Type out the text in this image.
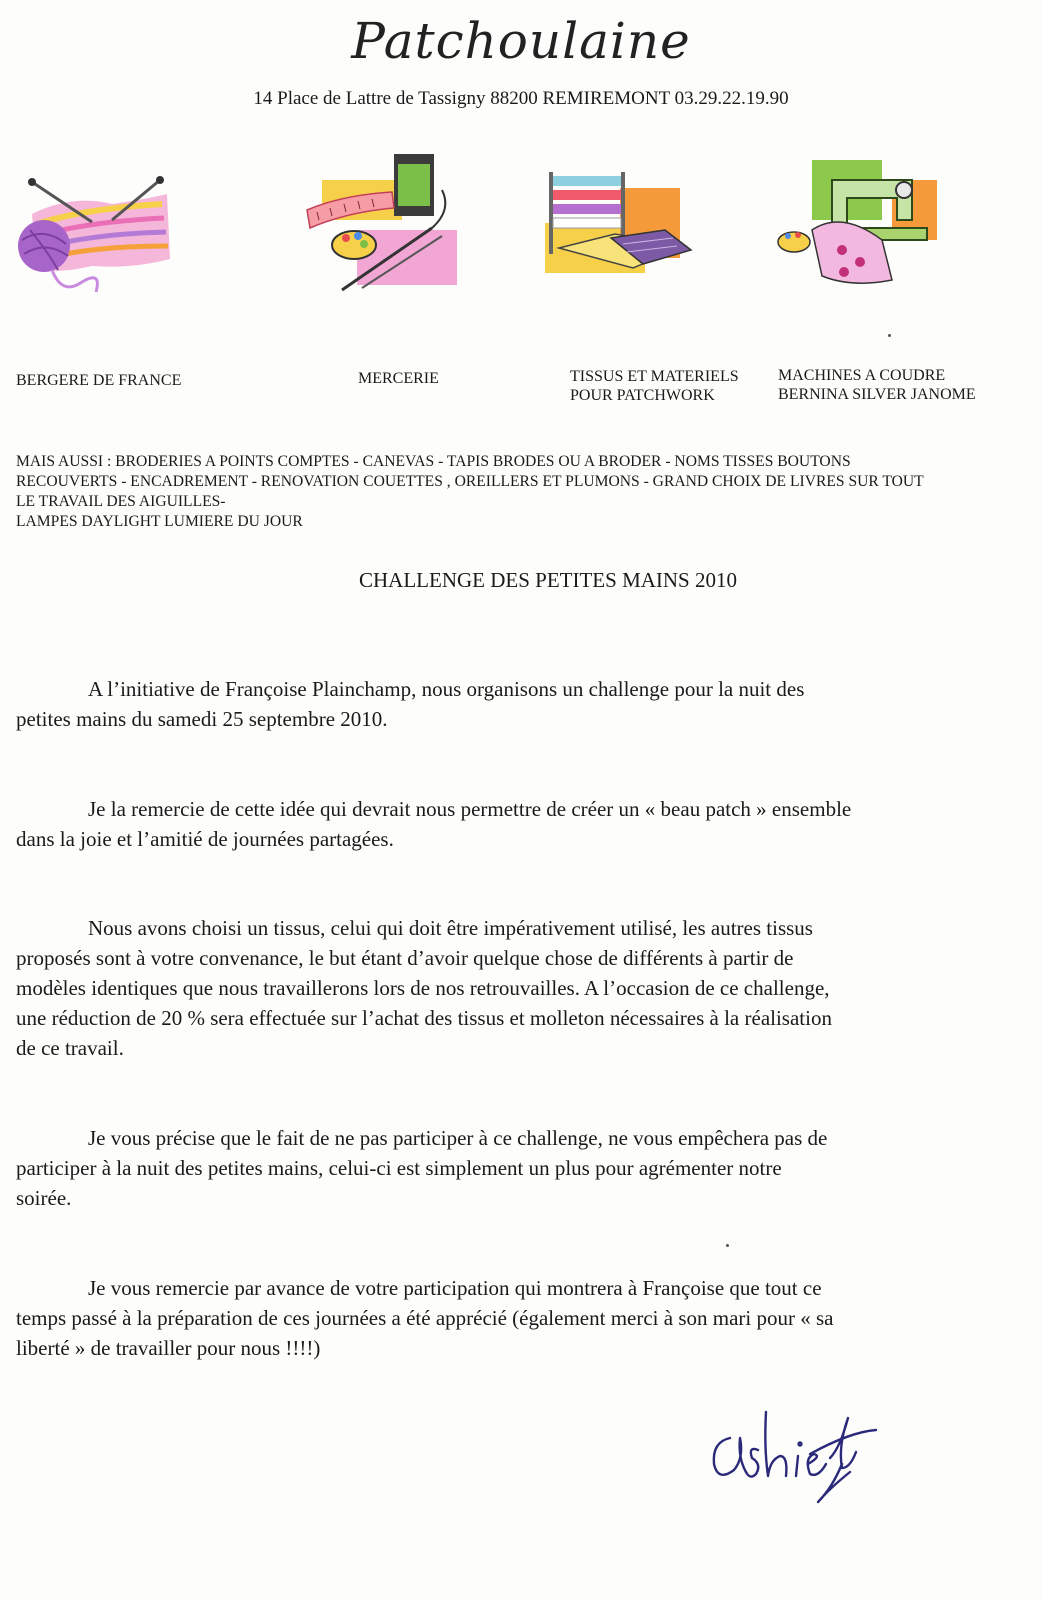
Patchoulaine
14 Place de Lattre de Tassigny 88200 REMIREMONT 03.29.22.19.90
BERGERE DE FRANCE	MERCERIE	TISSUS ET MATERIELS
POUR PATCHWORK
MACHINES A COUDRE
BERNINA SILVER JANOME
MAIS AUSSI : BRODERIES A POINTS COMPTES - CANEVAS - TAPIS BRODES OU A BRODER - NOMS TISSES BOUTONS
RECOUVERTS - ENCADREMENT - RENOVATION COUETTES , OREILLERS ET PLUMONS - GRAND CHOIX DE LIVRES SUR TOUT
LE TRAVAIL DES AIGUILLES-
LAMPES DAYLIGHT LUMIERE DU JOUR
CHALLENGE DES PETITES MAINS 2010
A l’initiative de Françoise Plainchamp, nous organisons un challenge pour la nuit des
petites mains du samedi 25 septembre 2010.
Je la remercie de cette idée qui devrait nous permettre de créer un « beau patch » ensemble
dans la joie et l’amitié de journées partagées.
Nous avons choisi un tissus, celui qui doit être impérativement utilisé, les autres tissus
proposés sont à votre convenance, le but étant d’avoir quelque chose de différents à partir de
modèles identiques que nous travaillerons lors de nos retrouvailles. A l’occasion de ce challenge,
une réduction de 20 % sera effectuée sur l’achat des tissus et molleton nécessaires à la réalisation
de ce travail.
Je vous précise que le fait de ne pas participer à ce challenge, ne vous empêchera pas de
participer à la nuit des petites mains, celui-ci est simplement un plus pour agrémenter notre
soirée.
Je vous remercie par avance de votre participation qui montrera à Françoise que tout ce
temps passé à la préparation de ces journées a été apprécié (également merci à son mari pour « sa
liberté » de travailler pour nous !!!!)
